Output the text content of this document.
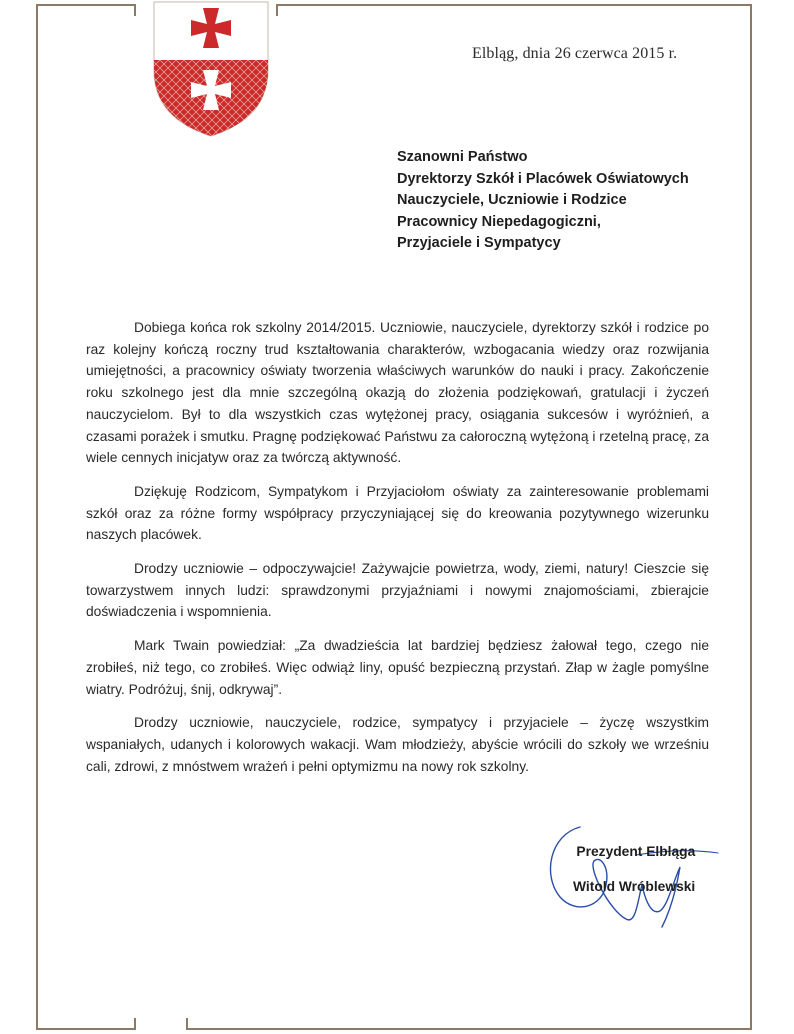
Elbląg, dnia 26 czerwca 2015 r.
Szanowni Państwo
Dyrektorzy Szkół i Placówek Oświatowych
Nauczyciele, Uczniowie i Rodzice
Pracownicy Niepedagogiczni,
Przyjaciele i Sympatycy

Dobiega końca rok szkolny 2014/2015. Uczniowie, nauczyciele, dyrektorzy szkół i rodzice po raz kolejny kończą roczny trud kształtowania charakterów, wzbogacania wiedzy oraz rozwijania umiejętności, a pracownicy oświaty tworzenia właściwych warunków do nauki i pracy. Zakończenie roku szkolnego jest dla mnie szczególną okazją do złożenia podziękowań, gratulacji i życzeń nauczycielom. Był to dla wszystkich czas wytężonej pracy, osiągania sukcesów i wyróżnień, a czasami porażek i smutku. Pragnę podziękować Państwu za całoroczną wytężoną i rzetelną pracę, za wiele cennych inicjatyw oraz za twórczą aktywność.

Dziękuję Rodzicom, Sympatykom i Przyjaciołom oświaty za zainteresowanie problemami szkół oraz za różne formy współpracy przyczyniającej się do kreowania pozytywnego wizerunku naszych placówek.

Drodzy uczniowie – odpoczywajcie! Zażywajcie powietrza, wody, ziemi, natury! Cieszcie się towarzystwem innych ludzi: sprawdzonymi przyjaźniami i nowymi znajomościami, zbierajcie doświadczenia i wspomnienia.

Mark Twain powiedział: „Za dwadzieścia lat bardziej będziesz żałował tego, czego nie zrobiłeś, niż tego, co zrobiłeś. Więc odwiąż liny, opuść bezpieczną przystań. Złap w żagle pomyślne wiatry. Podróżuj, śnij, odkrywaj”.

Drodzy uczniowie, nauczyciele, rodzice, sympatycy i przyjaciele – życzę wszystkim wspaniałych, udanych i kolorowych wakacji. Wam młodzieży, abyście wrócili do szkoły we wrześniu cali, zdrowi, z mnóstwem wrażeń i pełni optymizmu na nowy rok szkolny.

Prezydent Elbląga
Witold Wróblewski
